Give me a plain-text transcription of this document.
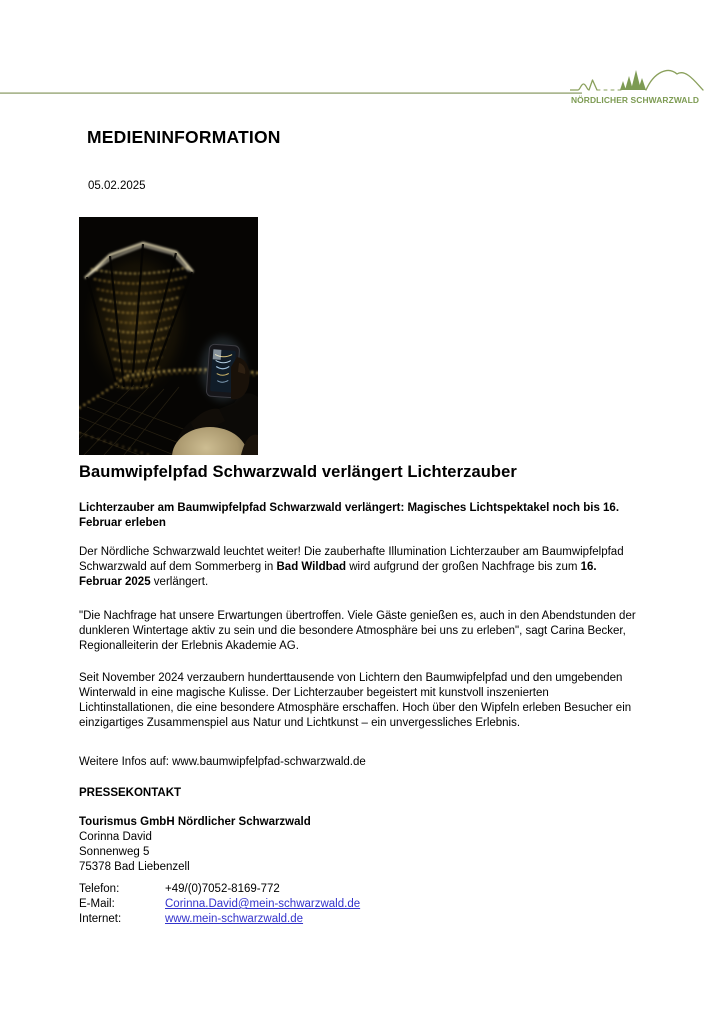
NÖRDLICHER SCHWARZWALD
MEDIENINFORMATION
05.02.2025
Baumwipfelpfad Schwarzwald verlängert Lichterzauber
Lichterzauber am Baumwipfelpfad Schwarzwald verlängert: Magisches Lichtspektakel noch bis 16. Februar erleben

Der Nördliche Schwarzwald leuchtet weiter! Die zauberhafte Illumination Lichterzauber am Baumwipfelpfad Schwarzwald auf dem Sommerberg in Bad Wildbad wird aufgrund der großen Nachfrage bis zum 16. Februar 2025 verlängert.

"Die Nachfrage hat unsere Erwartungen übertroffen. Viele Gäste genießen es, auch in den Abendstunden der dunkleren Wintertage aktiv zu sein und die besondere Atmosphäre bei uns zu erleben", sagt Carina Becker, Regionalleiterin der Erlebnis Akademie AG.

Seit November 2024 verzaubern hunderttausende von Lichtern den Baumwipfelpfad und den umgebenden Winterwald in eine magische Kulisse. Der Lichterzauber begeistert mit kunstvoll inszenierten Lichtinstallationen, die eine besondere Atmosphäre erschaffen. Hoch über den Wipfeln erleben Besucher ein einzigartiges Zusammenspiel aus Natur und Lichtkunst – ein unvergessliches Erlebnis.

Weitere Infos auf: www.baumwipfelpfad-schwarzwald.de
PRESSEKONTAKT
Tourismus GmbH Nördlicher Schwarzwald
Corinna David
Sonnenweg 5
75378 Bad Liebenzell
Telefon:	+49/(0)7052-8169-772
E-Mail:	Corinna.David@mein-schwarzwald.de
Internet:	www.mein-schwarzwald.de
